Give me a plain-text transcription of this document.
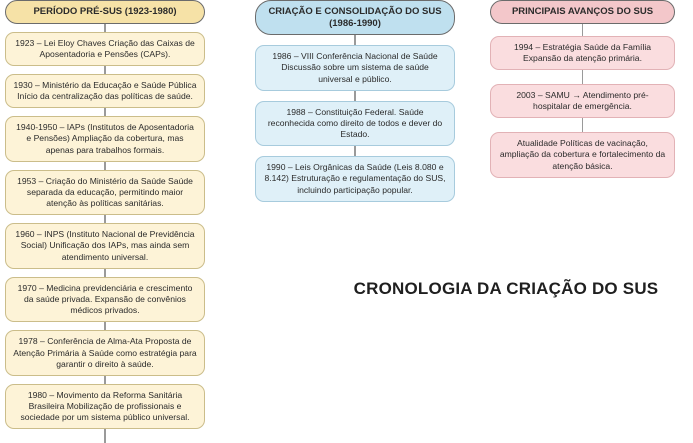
PERÍODO PRÉ-SUS (1923-1980)
1923 – Lei Eloy Chaves Criação das Caixas de Aposentadoria e Pensões (CAPs).
1930 – Ministério da Educação e Saúde Pública Início da centralização das políticas de saúde.
1940-1950 – IAPs (Institutos de Aposentadoria e Pensões) Ampliação da cobertura, mas apenas para trabalhos formais.
1953 – Criação do Ministério da Saúde Saúde separada da educação, permitindo maior atenção às políticas sanitárias.
1960 – INPS (Instituto Nacional de Previdência Social) Unificação dos IAPs, mas ainda sem atendimento universal.
1970 – Medicina previdenciária e crescimento da saúde privada. Expansão de convênios médicos privados.
1978 – Conferência de Alma-Ata Proposta de Atenção Primária à Saúde como estratégia para garantir o direito à saúde.
1980 – Movimento da Reforma Sanitária Brasileira Mobilização de profissionais e sociedade por um sistema público universal.
CRIAÇÃO E CONSOLIDAÇÃO DO SUS (1986-1990)
1986 – VIII Conferência Nacional de Saúde Discussão sobre um sistema de saúde universal e público.
1988 – Constituição Federal. Saúde reconhecida como direito de todos e dever do Estado.
1990 – Leis Orgânicas da Saúde (Leis 8.080 e 8.142) Estruturação e regulamentação do SUS, incluindo participação popular.
PRINCIPAIS AVANÇOS DO SUS
1994 – Estratégia Saúde da Família Expansão da atenção primária.
2003 – SAMU → Atendimento pré-hospitalar de emergência.
Atualidade Políticas de vacinação, ampliação da cobertura e fortalecimento da atenção básica.
CRONOLOGIA DA CRIAÇÃO DO SUS
